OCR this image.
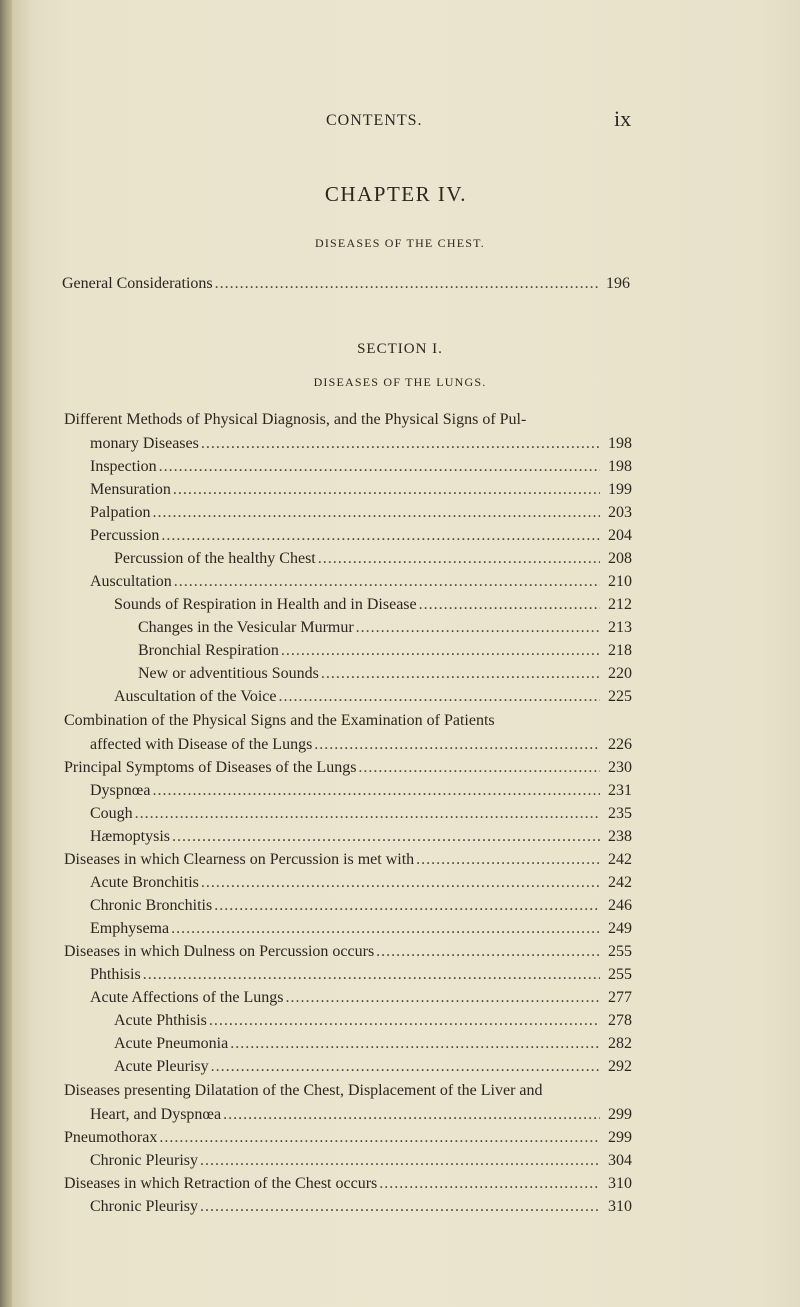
CONTENTS.	ix
CHAPTER IV.
DISEASES OF THE CHEST.
General Considerations .....	196
SECTION I.
DISEASES OF THE LUNGS.
Different Methods of Physical Diagnosis, and the Physical Signs of Pul-
monary Diseases .....	198
Inspection .....	198
Mensuration .....	199
Palpation .....	203
Percussion .....	204
Percussion of the healthy Chest .....	208
Auscultation .....	210
Sounds of Respiration in Health and in Disease .....	212
Changes in the Vesicular Murmur .....	213
Bronchial Respiration .....	218
New or adventitious Sounds .....	220
Auscultation of the Voice .....	225
Combination of the Physical Signs and the Examination of Patients
affected with Disease of the Lungs .....	226
Principal Symptoms of Diseases of the Lungs .....	230
Dyspnœa .....	231
Cough .....	235
Hæmoptysis .....	238
Diseases in which Clearness on Percussion is met with .....	242
Acute Bronchitis .....	242
Chronic Bronchitis .....	246
Emphysema .....	249
Diseases in which Dulness on Percussion occurs .....	255
Phthisis .....	255
Acute Affections of the Lungs .....	277
Acute Phthisis .....	278
Acute Pneumonia .....	282
Acute Pleurisy .....	292
Diseases presenting Dilatation of the Chest, Displacement of the Liver and
Heart, and Dyspnœa .....	299
Pneumothorax .....	299
Chronic Pleurisy .....	304
Diseases in which Retraction of the Chest occurs .....	310
Chronic Pleurisy .....	310
